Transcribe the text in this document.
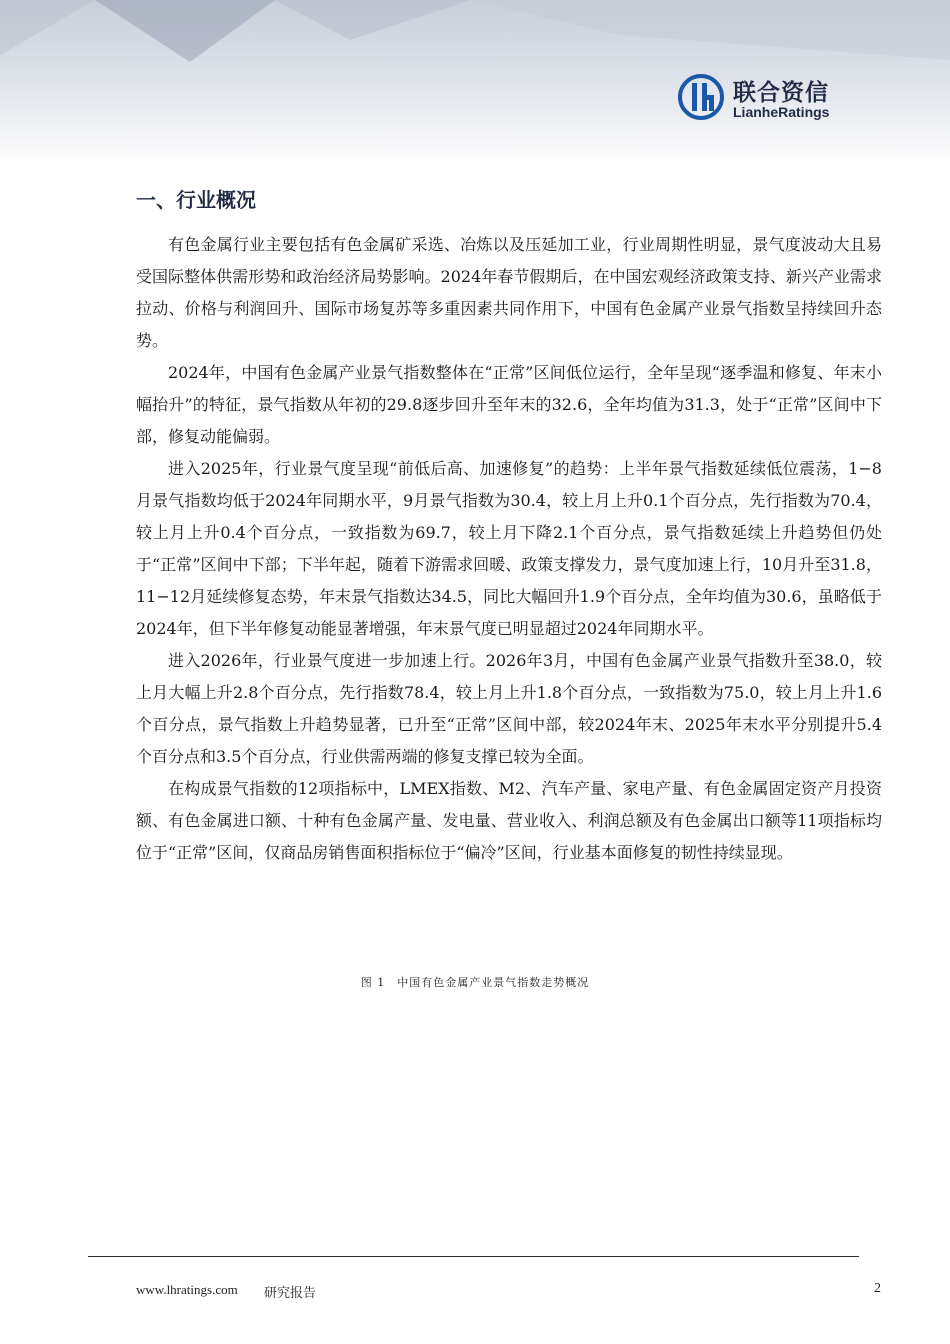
联合资信
LianheRatings
一、行业概况

有色金属行业主要包括有色金属矿采选、冶炼以及压延加工业，行业周期性明显，景气度波动大且易受国际整体供需形势和政治经济局势影响。2024年春节假期后，在中国宏观经济政策支持、新兴产业需求拉动、价格与利润回升、国际市场复苏等多重因素共同作用下，中国有色金属产业景气指数呈持续回升态势。

2024年，中国有色金属产业景气指数整体在“正常”区间低位运行，全年呈现“逐季温和修复、年末小幅抬升”的特征，景气指数从年初的29.8逐步回升至年末的32.6，全年均值为31.3，处于“正常”区间中下部，修复动能偏弱。

进入2025年，行业景气度呈现“前低后高、加速修复”的趋势：上半年景气指数延续低位震荡，1−8月景气指数均低于2024年同期水平，9月景气指数为30.4，较上月上升0.1个百分点，先行指数为70.4，较上月上升0.4个百分点，一致指数为69.7，较上月下降2.1个百分点，景气指数延续上升趋势但仍处于“正常”区间中下部；下半年起，随着下游需求回暖、政策支撑发力，景气度加速上行，10月升至31.8，11−12月延续修复态势，年末景气指数达34.5，同比大幅回升1.9个百分点，全年均值为30.6，虽略低于2024年，但下半年修复动能显著增强，年末景气度已明显超过2024年同期水平。

进入2026年，行业景气度进一步加速上行。2026年3月，中国有色金属产业景气指数升至38.0，较上月大幅上升2.8个百分点，先行指数78.4，较上月上升1.8个百分点，一致指数为75.0，较上月上升1.6个百分点，景气指数上升趋势显著，已升至“正常”区间中部，较2024年末、2025年末水平分别提升5.4个百分点和3.5个百分点，行业供需两端的修复支撑已较为全面。

在构成景气指数的12项指标中，LMEX指数、M2、汽车产量、家电产量、有色金属固定资产月投资额、有色金属进口额、十种有色金属产量、发电量、营业收入、利润总额及有色金属出口额等11项指标均位于“正常”区间，仅商品房销售面积指标位于“偏冷”区间，行业基本面修复的韧性持续显现。

图 1　中国有色金属产业景气指数走势概况
www.lhratings.com 研究报告	2
